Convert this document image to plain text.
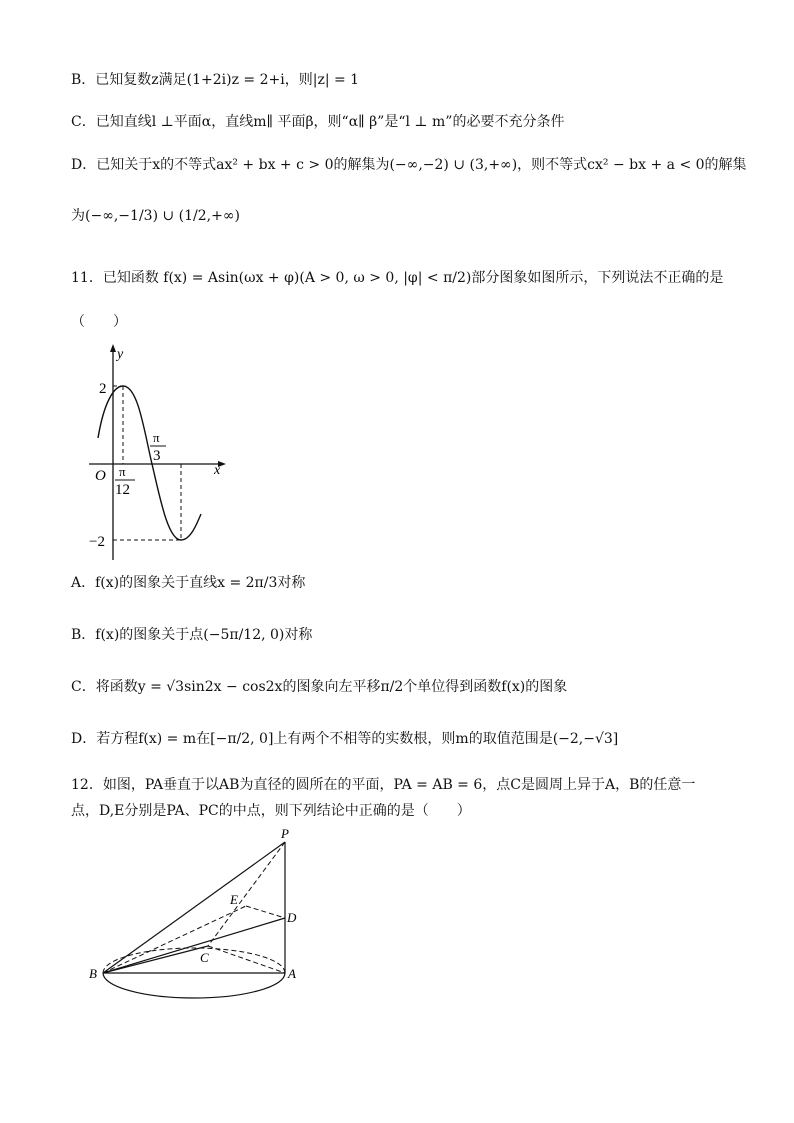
B．已知复数z满足(1+2i)z = 2+i，则|z| = 1
C．已知直线l ⊥平面α，直线m∥ 平面β，则“α∥ β”是“l ⊥ m”的必要不充分条件
D．已知关于x的不等式ax² + bx + c > 0的解集为(−∞,−2) ∪ (3,+∞)，则不等式cx² − bx + a < 0的解集
为(−∞,−1/3) ∪ (1/2,+∞)
11．已知函数 f(x) = Asin(ωx + φ)(A > 0, ω > 0, |φ| < π/2)部分图象如图所示，下列说法不正确的是
（　　）
y
x
O
2
−2
π
12
π
3
A．f(x)的图象关于直线x = 2π/3对称
B．f(x)的图象关于点(−5π/12, 0)对称
C．将函数y = √3sin2x − cos2x的图象向左平移π/2个单位得到函数f(x)的图象
D．若方程f(x) = m在[−π/2, 0]上有两个不相等的实数根，则m的取值范围是(−2,−√3]
12．如图，PA垂直于以AB为直径的圆所在的平面，PA = AB = 6，点C是圆周上异于A，B的任意一
点，D,E分别是PA、PC的中点，则下列结论中正确的是（　　）
P
E
D
C
B	A
